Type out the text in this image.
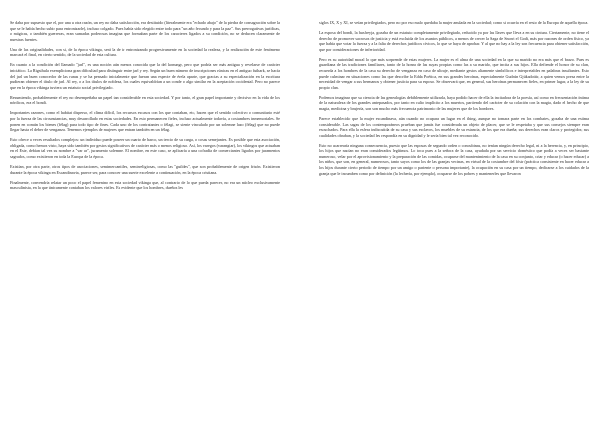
Se daba por supuesto que el, por una u otra razón, un rey no daba satisfacción, era destituido (literalmente era "echado abajo" de la piedra de consagración sobre la que se le había hecho subir para entronizarle), incluso colgado. Pues había sido elegido entre todo para "un año fecundo y para la paz". Sus prerrogativas jurídicas, o mágicas, o también guerreras, eran sumadas poderosas imagina que formaban parte de los caracteres ligados a su condición, no se deducen claramente de nuestras fuentes.

Una de las originalidades, con si, de la época vikinga, será la de ir entronizando progresivamente en la sociedad la realeza, y la realización de este fenómeno marcará el final, en cierto sentido, de la sociedad de esta cultura.

En cuanto a la condición del llamado "jarl", es una noción aún menos conocida que la del konungr, pero que podría ser más antigua y revelarse de carácter iniciático. La Rigsthula exempliciona gran dificultad para distinguir entre jarl y rey. Según un buen número de inscripciones rúnicas en el antiguo futhark, se hacía del jarl un buen conocedor de las runas y se ha pensado inicialmente que fueran una especie de érela aparte, que gracias a su especialización en la escritura pudieran obtener el título de jarl. Al rey, o a los títulos de nobleza, los cuales equivaldrían a un conde o algo similar en la aceptación occidental. Pero no parece que en la época vikinga tuviera un estatuto social privilegiado.

Resumiendo, probablemente el rey no desempeñaba un papel tan considerable en esta sociedad. Y por tanto, el gran papel importante y decisivo en la vida de los nórdicos, era el bondi.

Importantes razones, como el habitat disperso, el clima difícil, los recursos escasos con los que contaban, etc, hacen que el sentido colectivo o comunitario esté por la fuerza de las circunstancias, muy desarrollado en estas sociedades. En esto permanecen fieles, incluso actualmente todavía, a costumbres inmemoriales. Se ponen en común los bienes (félag) para todo tipo de fines. Cada uno de los contratantes o félagi, se siente vinculado por un solemne lazo (félag) que no puede llegar hasta el deber de venganza. Tenemos ejemplos de mujeres que entran también en un félag.

Esto ofrece a veces resultados complejos: un individuo puede poseer un cuarto de barco, un tercio de su carga, o cosas semejantes. Es posible que esta asociación, obligada, como hemos visto, haya sido también por gestos significativos de carácter más o menos religioso. Así, los varegos (varangiar), los vikingos que actuaban en el Este, debían tal vez su nombre a "var ar", juramento solemne. El nombre, en este caso, se aplicaría a una cofradía de comerciantes ligados por juramentos sagrados, como existieron en toda la Europa de la época.

Existían, por otra parte, otros tipos de asociaciones, semimercantiles, semirreligiosas, como las "guildes", que son probablemente de origen frisón. Existieron durante la época vikinga en Escandinavia, parece ser, para conocer una suerte excelente a continuación, en la época cristiana.

Finalmente, convendría relatar un poco el papel femenino en esta sociedad vikinga que, al contrario de lo que pueda parecer, no era un núcleo exclusivamente masculinista, en la que únicamente contaban los valores viriles. Es evidente que los hombres, dueños les

siglos IX, X y XI, se veían privilegiados, pero no por eso malo quedaba la mujer anulada en la sociedad; como si ocurría en el resto de la Europa de aquella época.

La esposa del bondi, la husfreyja, gozaba de un estatuto completamente privilegiado, reducido ya por las llaves que lleva a en su cintura. Ciertamente, no tiene el derecho de promover sacrosos de justicia y está excluida de los asuntos públicos, a menos de crecer la Saga de Snorri el Godi, más por razones de orden físico, ya que había que votar la fuerza y a la falta de derechos jurídicos cívicos, lo que se haya de aprobar. Y al que no hay a la ley son frecuencia para obtener satisfacción, que por consideraciones de inferioridad.

Pero es su autoridad moral lo que más sorprende de estas mujeres. La mujer es el alma de una sociedad en la que su marido no era más que el brazo. Pues es guardiana de las tradiciones familiares, tanto de la honra de las suyas propias como las a su marido, que incita a sus hijos. Ella defiende el honor de su clan, recuerda a los hombres de la casa su derecho de venganza en caso de ultraje, mediante gestos altamente simbólicos e interpretables en palabras insultantes. Esto puede culminar en situaciones como las que describe la Edda Poética, en sus grandes heroínas, especialmente Gudrún Gjúkadottir, a quien vemos presa entre la necesidad de vengar a sus hermanos y obtener justicia para su esposo. Se observará que, en general, sus heroínas permanecen fieles, en primer lugar, a la ley de su propio clan.

Podemos imaginar que su ciencia de las genealogías debiblemente utilizarla, haya podido hacer de ella la incitadora de la poesía, así como en frecuentación íntima de la naturaleza de los grandes antepasados, por tanto en culto implícito a los muertos, partiendo del carácter de su colación con la magia, dado el hecho de que magia, medicina y brujería, son son mucho más frecuencia patrimonio de las mujeres que de los hombres.

Parece establecido que la mujer escandinava, aún cuando no ocupara un lugar en el thing, aunque no tomara parte en los combates, gozaba de una estima considerable. Las sagas de los contemporáneos prueban que jamás fue considerada un objeto de placer, que se le respetaba y que sus consejos siempre eran escuchados. Para ella la esfera indiscutida de su casa y sus esclavos, los muebles de su estancia, de los que era dueña; sus derechos eran claros y protegidos; sus cualidades obraban, y la sociedad les respondía en su dignidad y le sería bien tal vez reconocido.

Esto no acarrearía ninguna consecuencia, puesto que las esposas de segundo orden o concubinas, no tenían ningún derecho legal, ni a la herencia, y, en principio, los hijos que nacían no eran considerados legítimos. Lo toca pues a la señora de la casa, ayudada por un servicio doméstico que podía a veces ser bastante numeroso, velar por el aprovisionamiento y la preparación de las comidas, ocuparse del mantenimiento de la casa en su conjunto, criar y educar (o hacer educar) a los niños, que son, en general, numerosos, tanto sayos como los de las granjas vecinas, en virtud de la costumbre del fóstr (práctica consistente en hacer educar a los hijos durante cierto periodo de tiempo por un amigo o pariente o persona importante), la ocupación en su casa por un tiempo, dedicarse a los cuidados de la granja que le incumben como por definición (la lechería, por ejemplo), ocuparse de los pobres y mantenerles que llevaron
